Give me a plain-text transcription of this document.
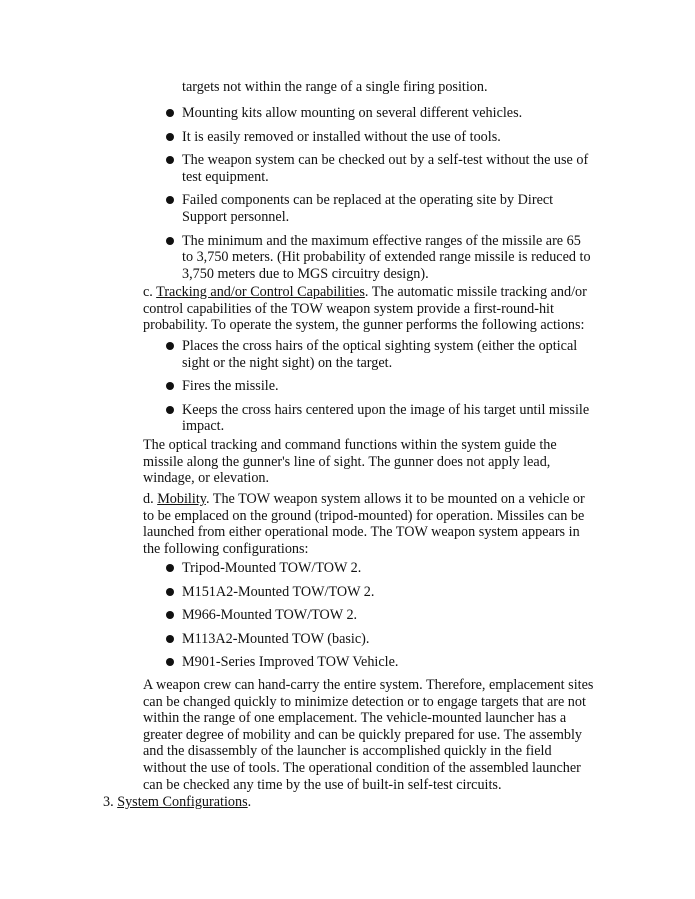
targets not within the range of a single firing position.
Mounting kits allow mounting on several different vehicles.
It is easily removed or installed without the use of tools.
The weapon system can be checked out by a self-test without the use of test equipment.
Failed components can be replaced at the operating site by Direct Support personnel.
The minimum and the maximum effective ranges of the missile are 65 to 3,750 meters. (Hit probability of extended range missile is reduced to 3,750 meters due to MGS circuitry design).
c. Tracking and/or Control Capabilities. The automatic missile tracking and/or control capabilities of the TOW weapon system provide a first-round-hit probability. To operate the system, the gunner performs the following actions:
Places the cross hairs of the optical sighting system (either the optical sight or the night sight) on the target.
Fires the missile.
Keeps the cross hairs centered upon the image of his target until missile impact.
The optical tracking and command functions within the system guide the missile along the gunner's line of sight. The gunner does not apply lead, windage, or elevation.
d. Mobility. The TOW weapon system allows it to be mounted on a vehicle or to be emplaced on the ground (tripod-mounted) for operation. Missiles can be launched from either operational mode. The TOW weapon system appears in the following configurations:
Tripod-Mounted TOW/TOW 2.
M151A2-Mounted TOW/TOW 2.
M966-Mounted TOW/TOW 2.
M113A2-Mounted TOW (basic).
M901-Series Improved TOW Vehicle.
A weapon crew can hand-carry the entire system. Therefore, emplacement sites can be changed quickly to minimize detection or to engage targets that are not within the range of one emplacement. The vehicle-mounted launcher has a greater degree of mobility and can be quickly prepared for use. The assembly and the disassembly of the launcher is accomplished quickly in the field without the use of tools. The operational condition of the assembled launcher can be checked any time by the use of built-in self-test circuits.
3. System Configurations.
